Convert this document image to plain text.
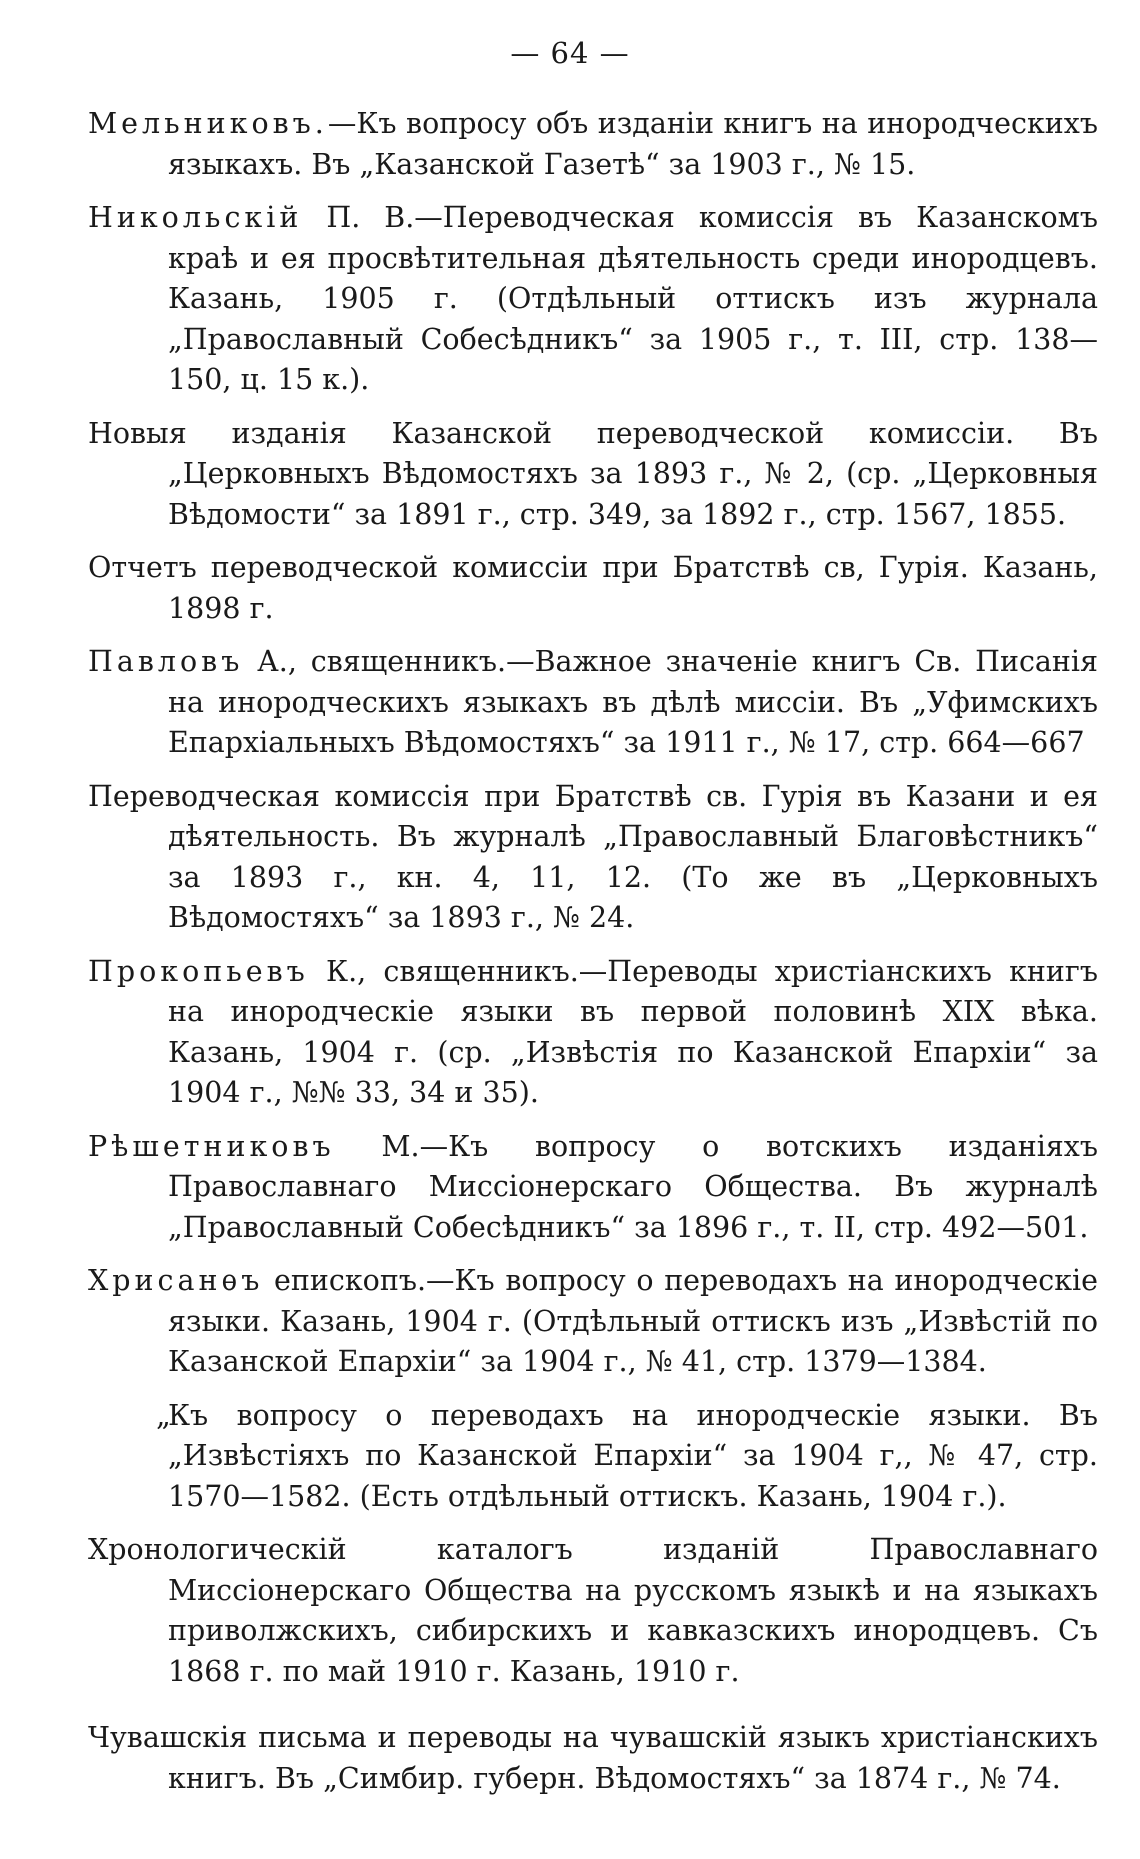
— 64 —

Мельниковъ.—Къ вопросу объ изданіи книгъ на инородческихъ языкахъ. Въ „Казанской Газетѣ“ за 1903 г., № 15.

Никольскій П. В.—Переводческая комиссія въ Казанскомъ краѣ и ея просвѣтительная дѣятельность среди инородцевъ. Казань, 1905 г. (Отдѣльный оттискъ изъ журнала „Православный Собесѣдникъ“ за 1905 г., т. III, стр. 138—150, ц. 15 к.).

Новыя изданія Казанской переводческой комиссіи. Въ „Церковныхъ Вѣдомостяхъ за 1893 г., № 2, (ср. „Церковныя Вѣдомости“ за 1891 г., стр. 349, за 1892 г., стр. 1567, 1855.

Отчетъ переводческой комиссіи при Братствѣ св, Гурія. Казань, 1898 г.

Павловъ А., священникъ.—Важное значеніе книгъ Св. Писанія на инородческихъ языкахъ въ дѣлѣ миссіи. Въ „Уфимскихъ Епархіальныхъ Вѣдомостяхъ“ за 1911 г., № 17, стр. 664—667

Переводческая комиссія при Братствѣ св. Гурія въ Казани и ея дѣятельность. Въ журналѣ „Православный Благовѣстникъ“ за 1893 г., кн. 4, 11, 12. (То же въ „Церковныхъ Вѣдомостяхъ“ за 1893 г., № 24.

Прокопьевъ К., священникъ.—Переводы христіанскихъ книгъ на инородческіе языки въ первой половинѣ XIX вѣка. Казань, 1904 г. (ср. „Извѣстія по Казанской Епархіи“ за 1904 г., №№ 33, 34 и 35).

Рѣшетниковъ М.—Къ вопросу о вотскихъ изданіяхъ Православнаго Миссіонерскаго Общества. Въ журналѣ „Православный Собесѣдникъ“ за 1896 г., т. II, стр. 492—501.

Хрисанѳъ епископъ.—Къ вопросу о переводахъ на инородческіе языки. Казань, 1904 г. (Отдѣльный оттискъ изъ „Извѣстій по Казанской Епархіи“ за 1904 г., № 41, стр. 1379—1384.

„Къ вопросу о переводахъ на инородческіе языки. Въ „Извѣстіяхъ по Казанской Епархіи“ за 1904 г,, № 47, стр. 1570—1582. (Есть отдѣльный оттискъ. Казань, 1904 г.).

Хронологическій каталогъ изданій Православнаго Миссіонерскаго Общества на русскомъ языкѣ и на языкахъ приволжскихъ, сибирскихъ и кавказскихъ инородцевъ. Съ 1868 г. по май 1910 г. Казань, 1910 г.

Чувашскія письма и переводы на чувашскій языкъ христіанскихъ книгъ. Въ „Симбир. губерн. Вѣдомостяхъ“ за 1874 г., № 74.
